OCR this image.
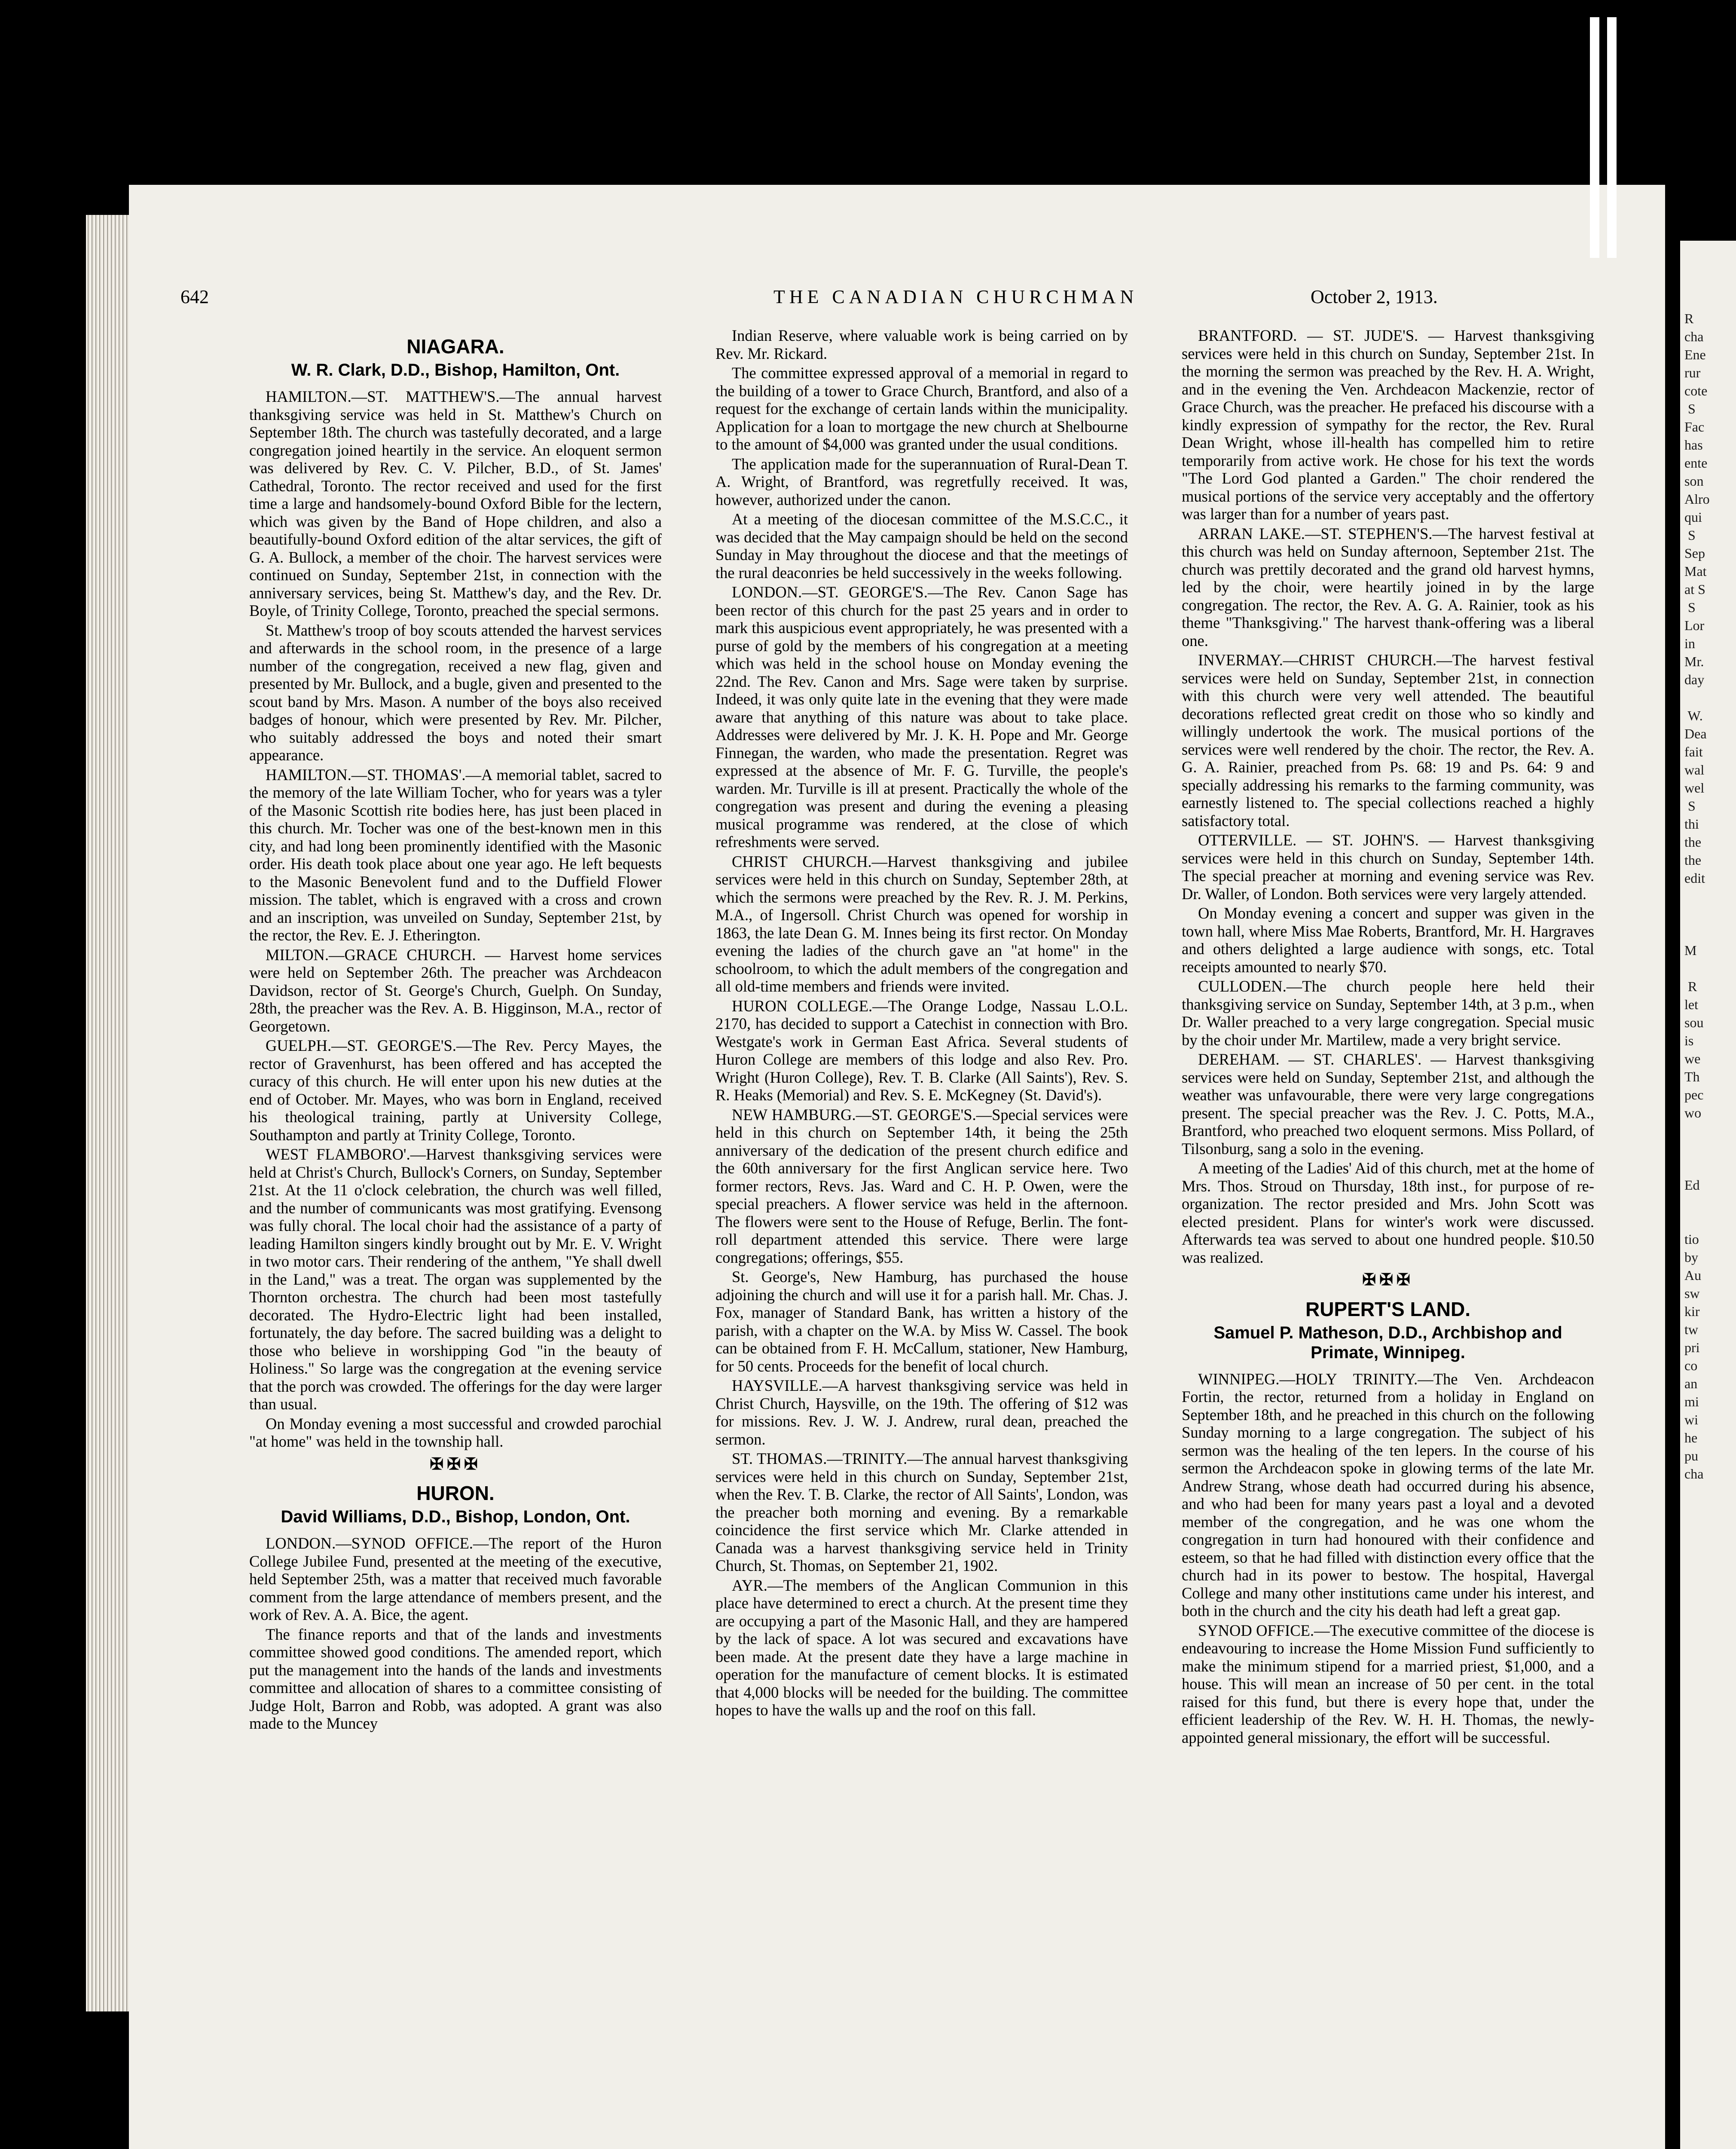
642	THE CANADIAN CHURCHMAN	October 2, 1913.
NIAGARA.
W. R. Clark, D.D., Bishop, Hamilton, Ont.

HAMILTON.—ST. MATTHEW'S.—The annual harvest thanksgiving service was held in St. Matthew's Church on September 18th. The church was tastefully decorated, and a large congregation joined heartily in the service. An eloquent sermon was delivered by Rev. C. V. Pilcher, B.D., of St. James' Cathedral, Toronto. The rector received and used for the first time a large and handsomely-bound Oxford Bible for the lectern, which was given by the Band of Hope children, and also a beautifully-bound Oxford edition of the altar services, the gift of G. A. Bullock, a member of the choir. The harvest services were continued on Sunday, September 21st, in connection with the anniversary services, being St. Matthew's day, and the Rev. Dr. Boyle, of Trinity College, Toronto, preached the special sermons.

St. Matthew's troop of boy scouts attended the harvest services and afterwards in the school room, in the presence of a large number of the congregation, received a new flag, given and presented by Mr. Bullock, and a bugle, given and presented to the scout band by Mrs. Mason. A number of the boys also received badges of honour, which were presented by Rev. Mr. Pilcher, who suitably addressed the boys and noted their smart appearance.

HAMILTON.—ST. THOMAS'.—A memorial tablet, sacred to the memory of the late William Tocher, who for years was a tyler of the Masonic Scottish rite bodies here, has just been placed in this church. Mr. Tocher was one of the best-known men in this city, and had long been prominently identified with the Masonic order. His death took place about one year ago. He left bequests to the Masonic Benevolent fund and to the Duffield Flower mission. The tablet, which is engraved with a cross and crown and an inscription, was unveiled on Sunday, September 21st, by the rector, the Rev. E. J. Etherington.

MILTON.—GRACE CHURCH. — Harvest home services were held on September 26th. The preacher was Archdeacon Davidson, rector of St. George's Church, Guelph. On Sunday, 28th, the preacher was the Rev. A. B. Higginson, M.A., rector of Georgetown.

GUELPH.—ST. GEORGE'S.—The Rev. Percy Mayes, the rector of Gravenhurst, has been offered and has accepted the curacy of this church. He will enter upon his new duties at the end of October. Mr. Mayes, who was born in England, received his theological training, partly at University College, Southampton and partly at Trinity College, Toronto.

WEST FLAMBORO'.—Harvest thanksgiving services were held at Christ's Church, Bullock's Corners, on Sunday, September 21st. At the 11 o'clock celebration, the church was well filled, and the number of communicants was most gratifying. Evensong was fully choral. The local choir had the assistance of a party of leading Hamilton singers kindly brought out by Mr. E. V. Wright in two motor cars. Their rendering of the anthem, "Ye shall dwell in the Land," was a treat. The organ was supplemented by the Thornton orchestra. The church had been most tastefully decorated. The Hydro-Electric light had been installed, fortunately, the day before. The sacred building was a delight to those who believe in worshipping God "in the beauty of Holiness." So large was the congregation at the evening service that the porch was crowded. The offerings for the day were larger than usual.

On Monday evening a most successful and crowded parochial "at home" was held in the township hall.

✠✠✠
HURON.
David Williams, D.D., Bishop, London, Ont.

LONDON.—SYNOD OFFICE.—The report of the Huron College Jubilee Fund, presented at the meeting of the executive, held September 25th, was a matter that received much favorable comment from the large attendance of members present, and the work of Rev. A. A. Bice, the agent.

The finance reports and that of the lands and investments committee showed good conditions. The amended report, which put the management into the hands of the lands and investments committee and allocation of shares to a committee consisting of Judge Holt, Barron and Robb, was adopted. A grant was also made to the Muncey

Indian Reserve, where valuable work is being carried on by Rev. Mr. Rickard.

The committee expressed approval of a memorial in regard to the building of a tower to Grace Church, Brantford, and also of a request for the exchange of certain lands within the municipality. Application for a loan to mortgage the new church at Shelbourne to the amount of $4,000 was granted under the usual conditions.

The application made for the superannuation of Rural-Dean T. A. Wright, of Brantford, was regretfully received. It was, however, authorized under the canon.

At a meeting of the diocesan committee of the M.S.C.C., it was decided that the May campaign should be held on the second Sunday in May throughout the diocese and that the meetings of the rural deaconries be held successively in the weeks following.

LONDON.—ST. GEORGE'S.—The Rev. Canon Sage has been rector of this church for the past 25 years and in order to mark this auspicious event appropriately, he was presented with a purse of gold by the members of his congregation at a meeting which was held in the school house on Monday evening the 22nd. The Rev. Canon and Mrs. Sage were taken by surprise. Indeed, it was only quite late in the evening that they were made aware that anything of this nature was about to take place. Addresses were delivered by Mr. J. K. H. Pope and Mr. George Finnegan, the warden, who made the presentation. Regret was expressed at the absence of Mr. F. G. Turville, the people's warden. Mr. Turville is ill at present. Practically the whole of the congregation was present and during the evening a pleasing musical programme was rendered, at the close of which refreshments were served.

CHRIST CHURCH.—Harvest thanksgiving and jubilee services were held in this church on Sunday, September 28th, at which the sermons were preached by the Rev. R. J. M. Perkins, M.A., of Ingersoll. Christ Church was opened for worship in 1863, the late Dean G. M. Innes being its first rector. On Monday evening the ladies of the church gave an "at home" in the schoolroom, to which the adult members of the congregation and all old-time members and friends were invited.

HURON COLLEGE.—The Orange Lodge, Nassau L.O.L. 2170, has decided to support a Catechist in connection with Bro. Westgate's work in German East Africa. Several students of Huron College are members of this lodge and also Rev. Pro. Wright (Huron College), Rev. T. B. Clarke (All Saints'), Rev. S. R. Heaks (Memorial) and Rev. S. E. McKegney (St. David's).

NEW HAMBURG.—ST. GEORGE'S.—Special services were held in this church on September 14th, it being the 25th anniversary of the dedication of the present church edifice and the 60th anniversary for the first Anglican service here. Two former rectors, Revs. Jas. Ward and C. H. P. Owen, were the special preachers. A flower service was held in the afternoon. The flowers were sent to the House of Refuge, Berlin. The font-roll department attended this service. There were large congregations; offerings, $55.

St. George's, New Hamburg, has purchased the house adjoining the church and will use it for a parish hall. Mr. Chas. J. Fox, manager of Standard Bank, has written a history of the parish, with a chapter on the W.A. by Miss W. Cassel. The book can be obtained from F. H. McCallum, stationer, New Hamburg, for 50 cents. Proceeds for the benefit of local church.

HAYSVILLE.—A harvest thanksgiving service was held in Christ Church, Haysville, on the 19th. The offering of $12 was for missions. Rev. J. W. J. Andrew, rural dean, preached the sermon.

ST. THOMAS.—TRINITY.—The annual harvest thanksgiving services were held in this church on Sunday, September 21st, when the Rev. T. B. Clarke, the rector of All Saints', London, was the preacher both morning and evening. By a remarkable coincidence the first service which Mr. Clarke attended in Canada was a harvest thanksgiving service held in Trinity Church, St. Thomas, on September 21, 1902.

AYR.—The members of the Anglican Communion in this place have determined to erect a church. At the present time they are occupying a part of the Masonic Hall, and they are hampered by the lack of space. A lot was secured and excavations have been made. At the present date they have a large machine in operation for the manufacture of cement blocks. It is estimated that 4,000 blocks will be needed for the building. The committee hopes to have the walls up and the roof on this fall.

BRANTFORD. — ST. JUDE'S. — Harvest thanksgiving services were held in this church on Sunday, September 21st. In the morning the sermon was preached by the Rev. H. A. Wright, and in the evening the Ven. Archdeacon Mackenzie, rector of Grace Church, was the preacher. He prefaced his discourse with a kindly expression of sympathy for the rector, the Rev. Rural Dean Wright, whose ill-health has compelled him to retire temporarily from active work. He chose for his text the words "The Lord God planted a Garden." The choir rendered the musical portions of the service very acceptably and the offertory was larger than for a number of years past.

ARRAN LAKE.—ST. STEPHEN'S.—The harvest festival at this church was held on Sunday afternoon, September 21st. The church was prettily decorated and the grand old harvest hymns, led by the choir, were heartily joined in by the large congregation. The rector, the Rev. A. G. A. Rainier, took as his theme "Thanksgiving." The harvest thank-offering was a liberal one.

INVERMAY.—CHRIST CHURCH.—The harvest festival services were held on Sunday, September 21st, in connection with this church were very well attended. The beautiful decorations reflected great credit on those who so kindly and willingly undertook the work. The musical portions of the services were well rendered by the choir. The rector, the Rev. A. G. A. Rainier, preached from Ps. 68: 19 and Ps. 64: 9 and specially addressing his remarks to the farming community, was earnestly listened to. The special collections reached a highly satisfactory total.

OTTERVILLE. — ST. JOHN'S. — Harvest thanksgiving services were held in this church on Sunday, September 14th. The special preacher at morning and evening service was Rev. Dr. Waller, of London. Both services were very largely attended.

On Monday evening a concert and supper was given in the town hall, where Miss Mae Roberts, Brantford, Mr. H. Hargraves and others delighted a large audience with songs, etc. Total receipts amounted to nearly $70.

CULLODEN.—The church people here held their thanksgiving service on Sunday, September 14th, at 3 p.m., when Dr. Waller preached to a very large congregation. Special music by the choir under Mr. Martilew, made a very bright service.

DEREHAM. — ST. CHARLES'. — Harvest thanksgiving services were held on Sunday, September 21st, and although the weather was unfavourable, there were very large congregations present. The special preacher was the Rev. J. C. Potts, M.A., Brantford, who preached two eloquent sermons. Miss Pollard, of Tilsonburg, sang a solo in the evening.

A meeting of the Ladies' Aid of this church, met at the home of Mrs. Thos. Stroud on Thursday, 18th inst., for purpose of re-organization. The rector presided and Mrs. John Scott was elected president. Plans for winter's work were discussed. Afterwards tea was served to about one hundred people. $10.50 was realized.

✠✠✠
RUPERT'S LAND.
Samuel P. Matheson, D.D., Archbishop and Primate, Winnipeg.

WINNIPEG.—HOLY TRINITY.—The Ven. Archdeacon Fortin, the rector, returned from a holiday in England on September 18th, and he preached in this church on the following Sunday morning to a large congregation. The subject of his sermon was the healing of the ten lepers. In the course of his sermon the Archdeacon spoke in glowing terms of the late Mr. Andrew Strang, whose death had occurred during his absence, and who had been for many years past a loyal and a devoted member of the congregation, and he was one whom the congregation in turn had honoured with their confidence and esteem, so that he had filled with distinction every office that the church had in its power to bestow. The hospital, Havergal College and many other institutions came under his interest, and both in the church and the city his death had left a great gap.

SYNOD OFFICE.—The executive committee of the diocese is endeavouring to increase the Home Mission Fund sufficiently to make the minimum stipend for a married priest, $1,000, and a house. This will mean an increase of 50 per cent. in the total raised for this fund, but there is every hope that, under the efficient leadership of the Rev. W. H. H. Thomas, the newly-appointed general missionary, the effort will be successful.

R
cha
Ene
rur
cote
S
Fac
has
ente
son
Alro
qui
S
Sep
Mat
at S
S
Lor
in
Mr.
day

W.
Dea
fait
wal
wel
S
thi
the
the
edit

M

R
let
sou
is
we
Th
pec
wo

Ed

tio
by
Au
sw
kir
tw
pri
co
an
mi
wi
he
pu
cha
